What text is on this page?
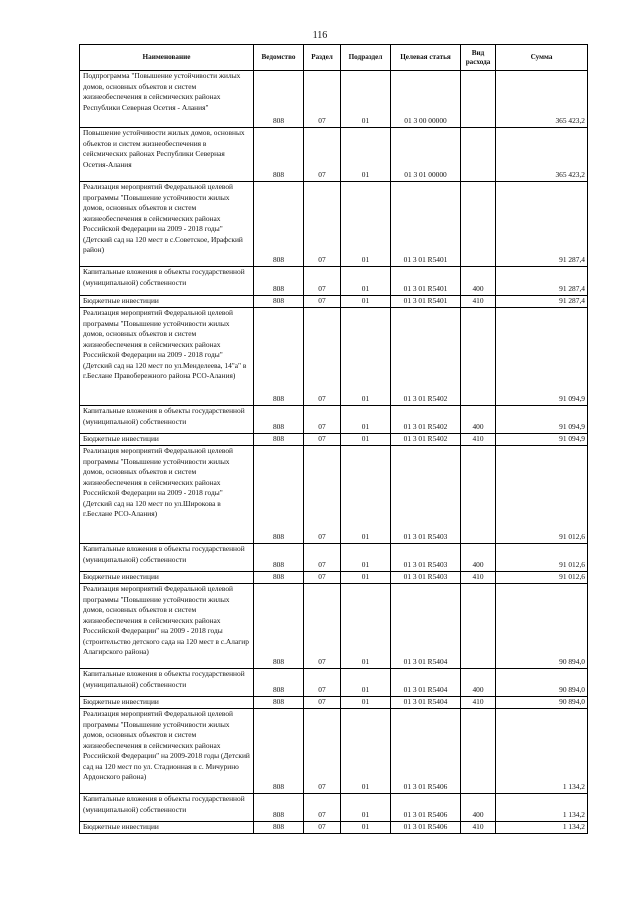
116
Наименование	Ведомство	Раздел	Подраздел	Целевая статья	Вид расхода	Сумма
Подпрограмма "Повышение устойчивости жилых домов, основных объектов и систем жизнеобеспечения в сейсмических районах Республики Северная Осетия - Алания"	808	07	01	01 3 00 00000		365 423,2
Повышение устойчивости жилых домов, основных объектов и систем жизнеобеспечения в сейсмических районах Республики Северная Осетия-Алания	808	07	01	01 3 01 00000		365 423,2
Реализация мероприятий Федеральной целевой программы "Повышение устойчивости жилых домов, основных объектов и систем жизнеобеспечения в сейсмических районах Российской Федерации на 2009 - 2018 годы" (Детский сад на 120 мест в с.Советское, Ирафский район)	808	07	01	01 3 01 R5401		91 287,4
Капитальные вложения в объекты государственной (муниципальной) собственности	808	07	01	01 3 01 R5401	400	91 287,4
Бюджетные инвестиции	808	07	01	01 3 01 R5401	410	91 287,4
Реализация мероприятий Федеральной целевой программы "Повышение устойчивости жилых домов, основных объектов и систем жизнеобеспечения в сейсмических районах Российской Федерации на 2009 - 2018 годы" (Детский сад на 120 мест по ул.Менделеева, 14"а" в г.Беслане Правобережного района РСО-Алания)	808	07	01	01 3 01 R5402		91 094,9
Капитальные вложения в объекты государственной (муниципальной) собственности	808	07	01	01 3 01 R5402	400	91 094,9
Бюджетные инвестиции	808	07	01	01 3 01 R5402	410	91 094,9
Реализация мероприятий Федеральной целевой программы "Повышение устойчивости жилых домов, основных объектов и систем жизнеобеспечения в сейсмических районах Российской Федерации на 2009 - 2018 годы" (Детский сад на 120 мест по ул.Широкова в г.Беслане РСО-Алания)	808	07	01	01 3 01 R5403		91 012,6
Капитальные вложения в объекты государственной (муниципальной) собственности	808	07	01	01 3 01 R5403	400	91 012,6
Бюджетные инвестиции	808	07	01	01 3 01 R5403	410	91 012,6
Реализация мероприятий Федеральной целевой программы "Повышение устойчивости жилых домов, основных объектов и систем жизнеобеспечения в сейсмических районах Российской Федерации" на 2009 - 2018 годы (строительство детского сада на 120 мест в с.Алагир Алагирского района)	808	07	01	01 3 01 R5404		90 894,0
Капитальные вложения в объекты государственной (муниципальной) собственности	808	07	01	01 3 01 R5404	400	90 894,0
Бюджетные инвестиции	808	07	01	01 3 01 R5404	410	90 894,0
Реализация мероприятий Федеральной целевой программы "Повышение устойчивости жилых домов, основных объектов и систем жизнеобеспечения в сейсмических районах Российской Федерации" на 2009-2018 годы (Детский сад на 120 мест по ул. Стадионная в с. Мичурино Ардонского района)	808	07	01	01 3 01 R5406		1 134,2
Капитальные вложения в объекты государственной (муниципальной) собственности	808	07	01	01 3 01 R5406	400	1 134,2
Бюджетные инвестиции	808	07	01	01 3 01 R5406	410	1 134,2
